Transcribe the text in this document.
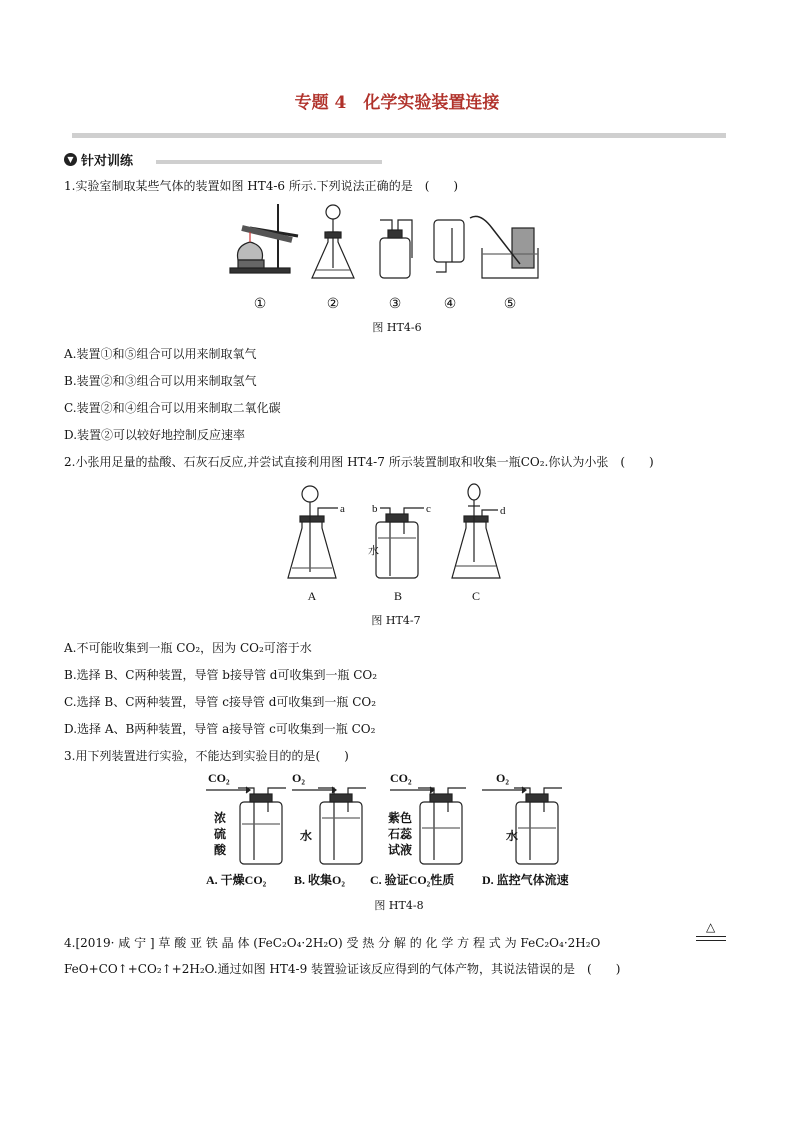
专题 4　化学实验装置连接
▼ 针对训练
1.实验室制取某些气体的装置如图 HT4-6 所示.下列说法正确的是　(　　)
①	②	③	④	⑤
图 HT4-6
A.装置①和⑤组合可以用来制取氧气
B.装置②和③组合可以用来制取氢气
C.装置②和④组合可以用来制取二氧化碳
D.装置②可以较好地控制反应速率
2.小张用足量的盐酸、石灰石反应,并尝试直接利用图 HT4-7 所示装置制取和收集一瓶CO₂.你认为小张　(　　)
a b	c	d
水
A	B	C
图 HT4-7
A.不可能收集到一瓶 CO₂，因为 CO₂可溶于水
B.选择 B、C两种装置，导管 b接导管 d可收集到一瓶 CO₂
C.选择 B、C两种装置，导管 c接导管 d可收集到一瓶 CO₂
D.选择 A、B两种装置，导管 a接导管 c可收集到一瓶 CO₂
3.用下列装置进行实验，不能达到实验目的的是(　　)
CO₂	O₂	CO₂	O₂
浓
硫
酸
水
紫色
石蕊
试液
水
A. 干燥CO₂ B. 收集O₂ C. 验证CO₂性质 D. 监控气体流速
图 HT4-8
4.[2019· 咸 宁 ] 草 酸 亚 铁 晶 体 (FeC₂O₄·2H₂O) 受 热 分 解 的 化 学 方 程 式 为 FeC₂O₄·2H₂O
△
FeO+CO↑+CO₂↑+2H₂O.通过如图 HT4-9 装置验证该反应得到的气体产物，其说法错误的是　(　　)
